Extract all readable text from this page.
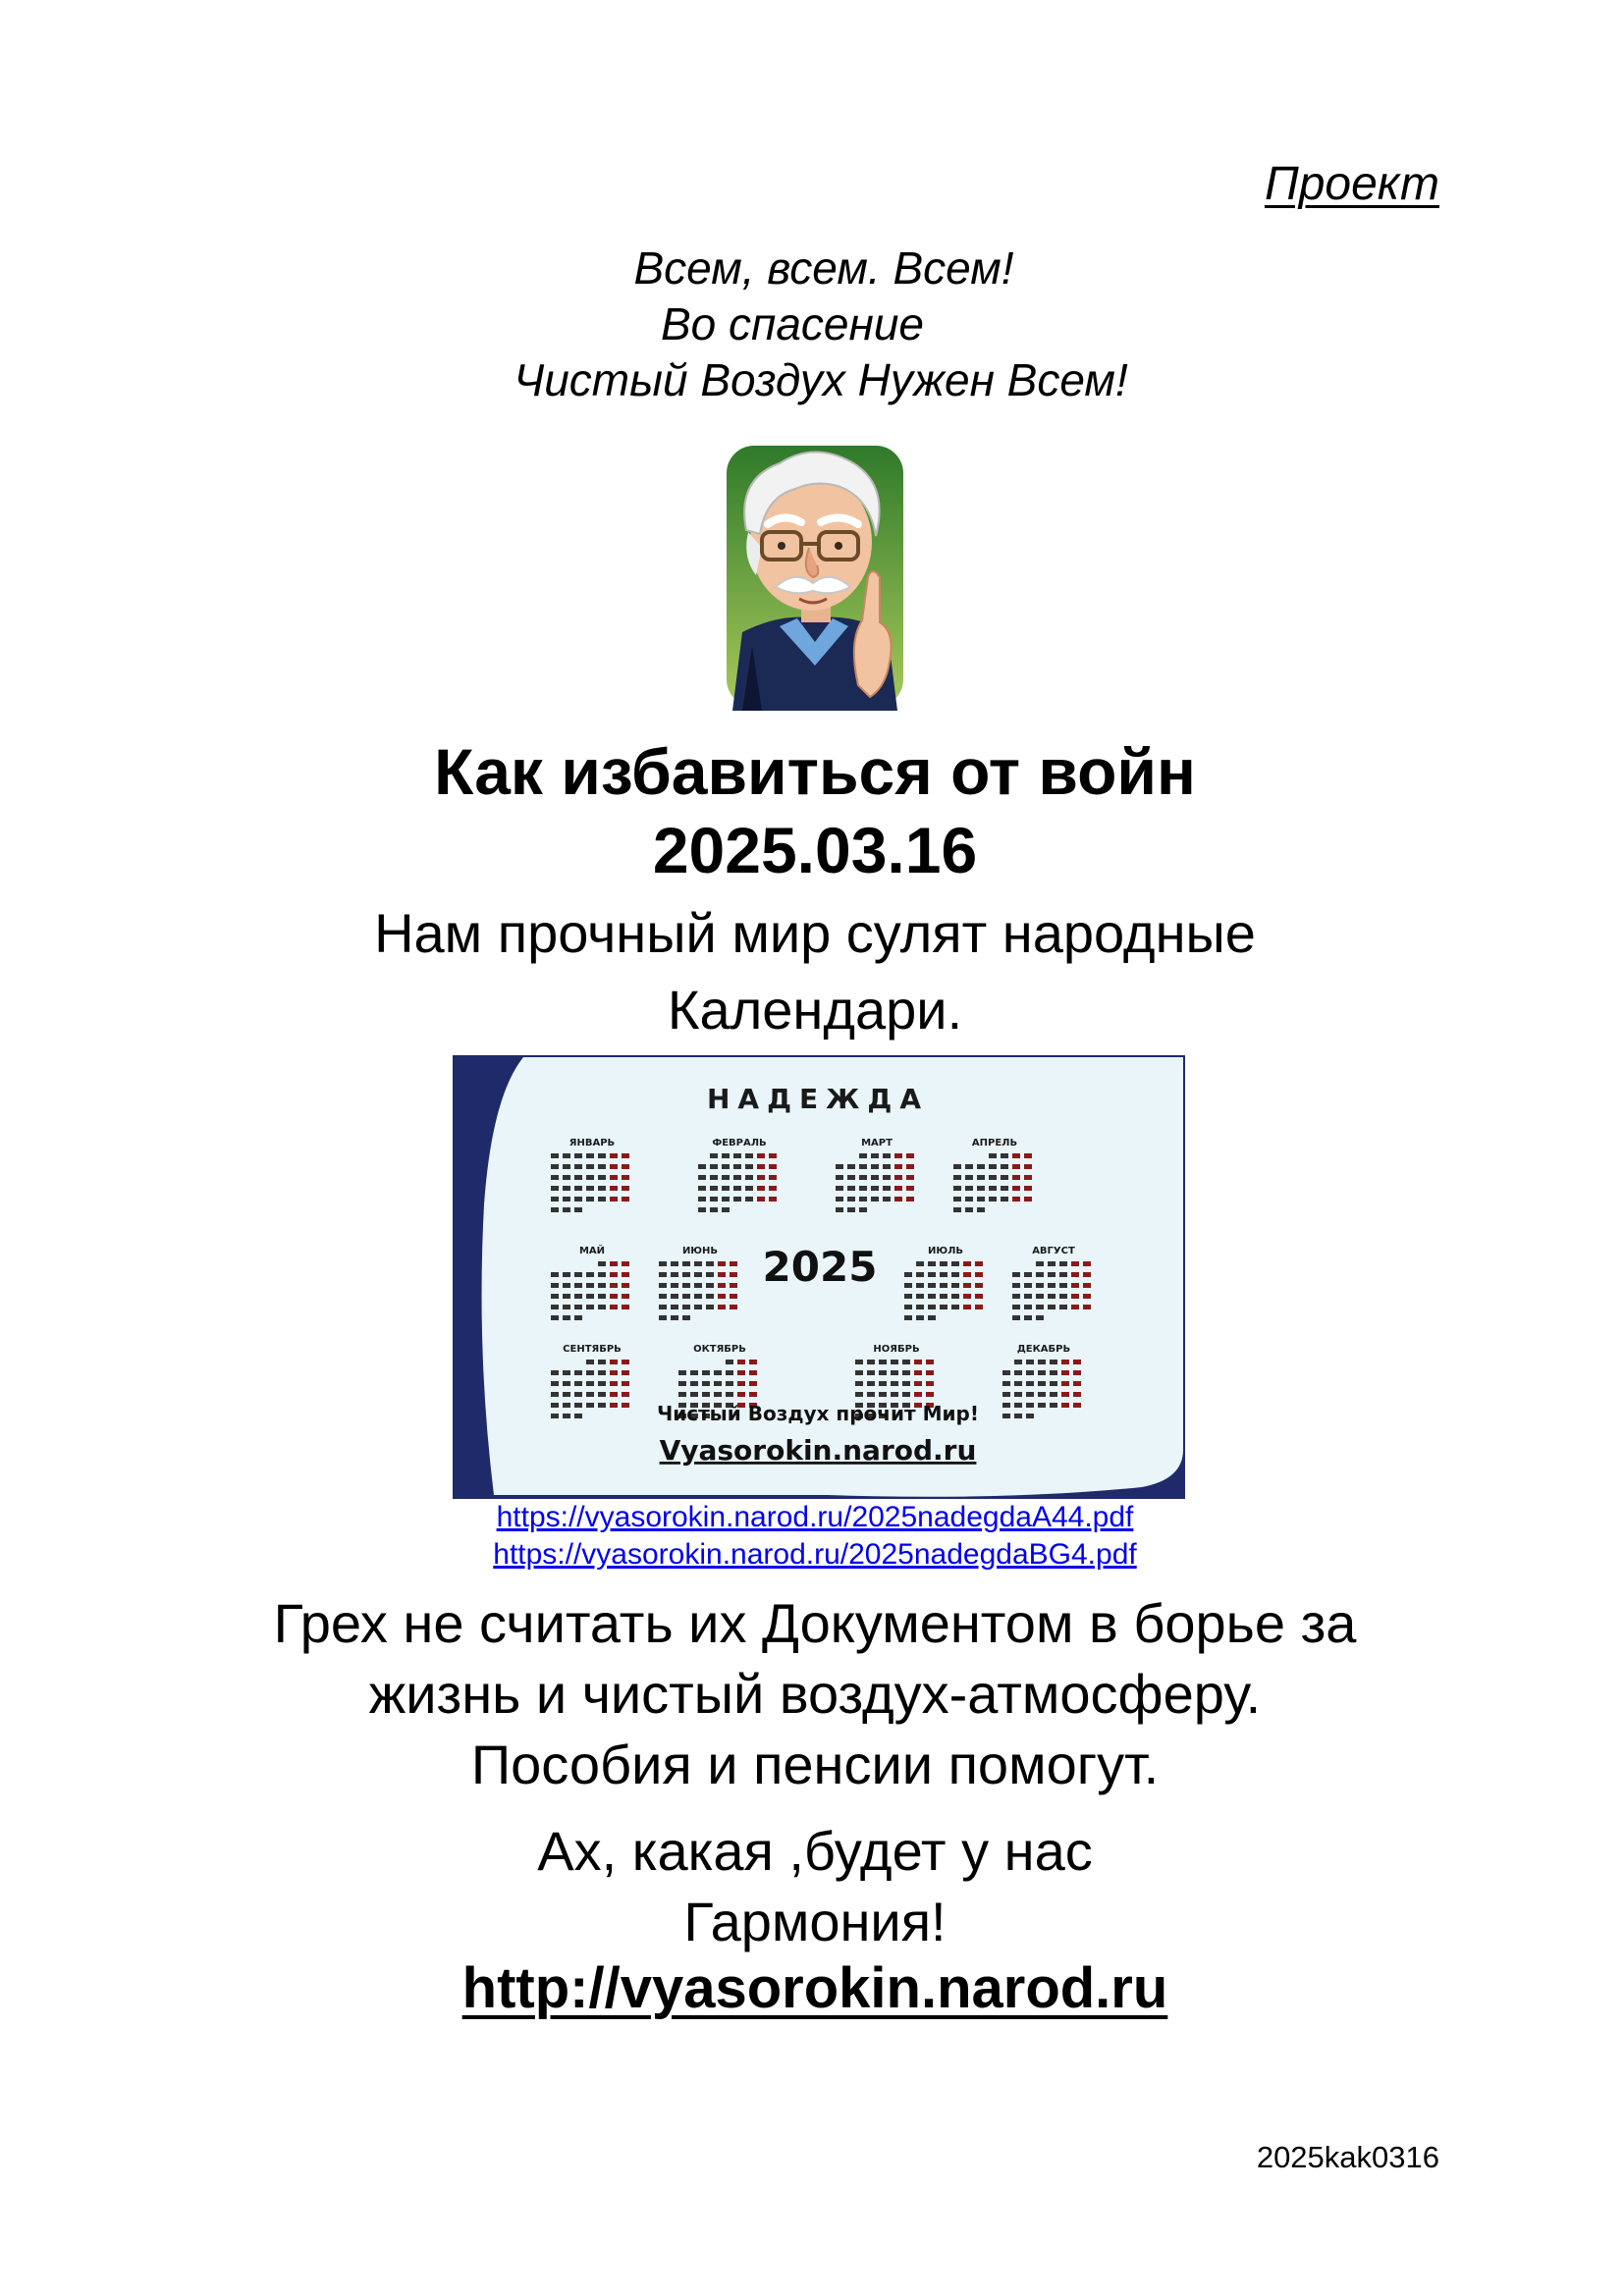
Проект
Всем, всем. Всем!
Во спасение
Чистый Воздух Нужен Всем!
Как избавиться от войн
2025.03.16
Нам прочный мир сулят народные
Календари.
НАДЕЖДА
2025
ЯНВАРЬ	ФЕВРАЛЬ	МАРТ	АПРЕЛЬ
МАЙ	ИЮНЬ	ИЮЛЬ	АВГУСТ
СЕНТЯБРЬ	ОКТЯБРЬ	НОЯБРЬ	ДЕКАБРЬ
Чистый Воздух прочит Мир!
Vyasorokin.narod.ru
https://vyasorokin.narod.ru/2025nadegdaA44.pdf
https://vyasorokin.narod.ru/2025nadegdaBG4.pdf
Грех не считать их Документом в борье за
жизнь и чистый воздух-атмосферу.
Пособия и пенсии помогут.
Ах, какая ,будет у нас
Гармония!
http://vyasorokin.narod.ru
2025kak0316
